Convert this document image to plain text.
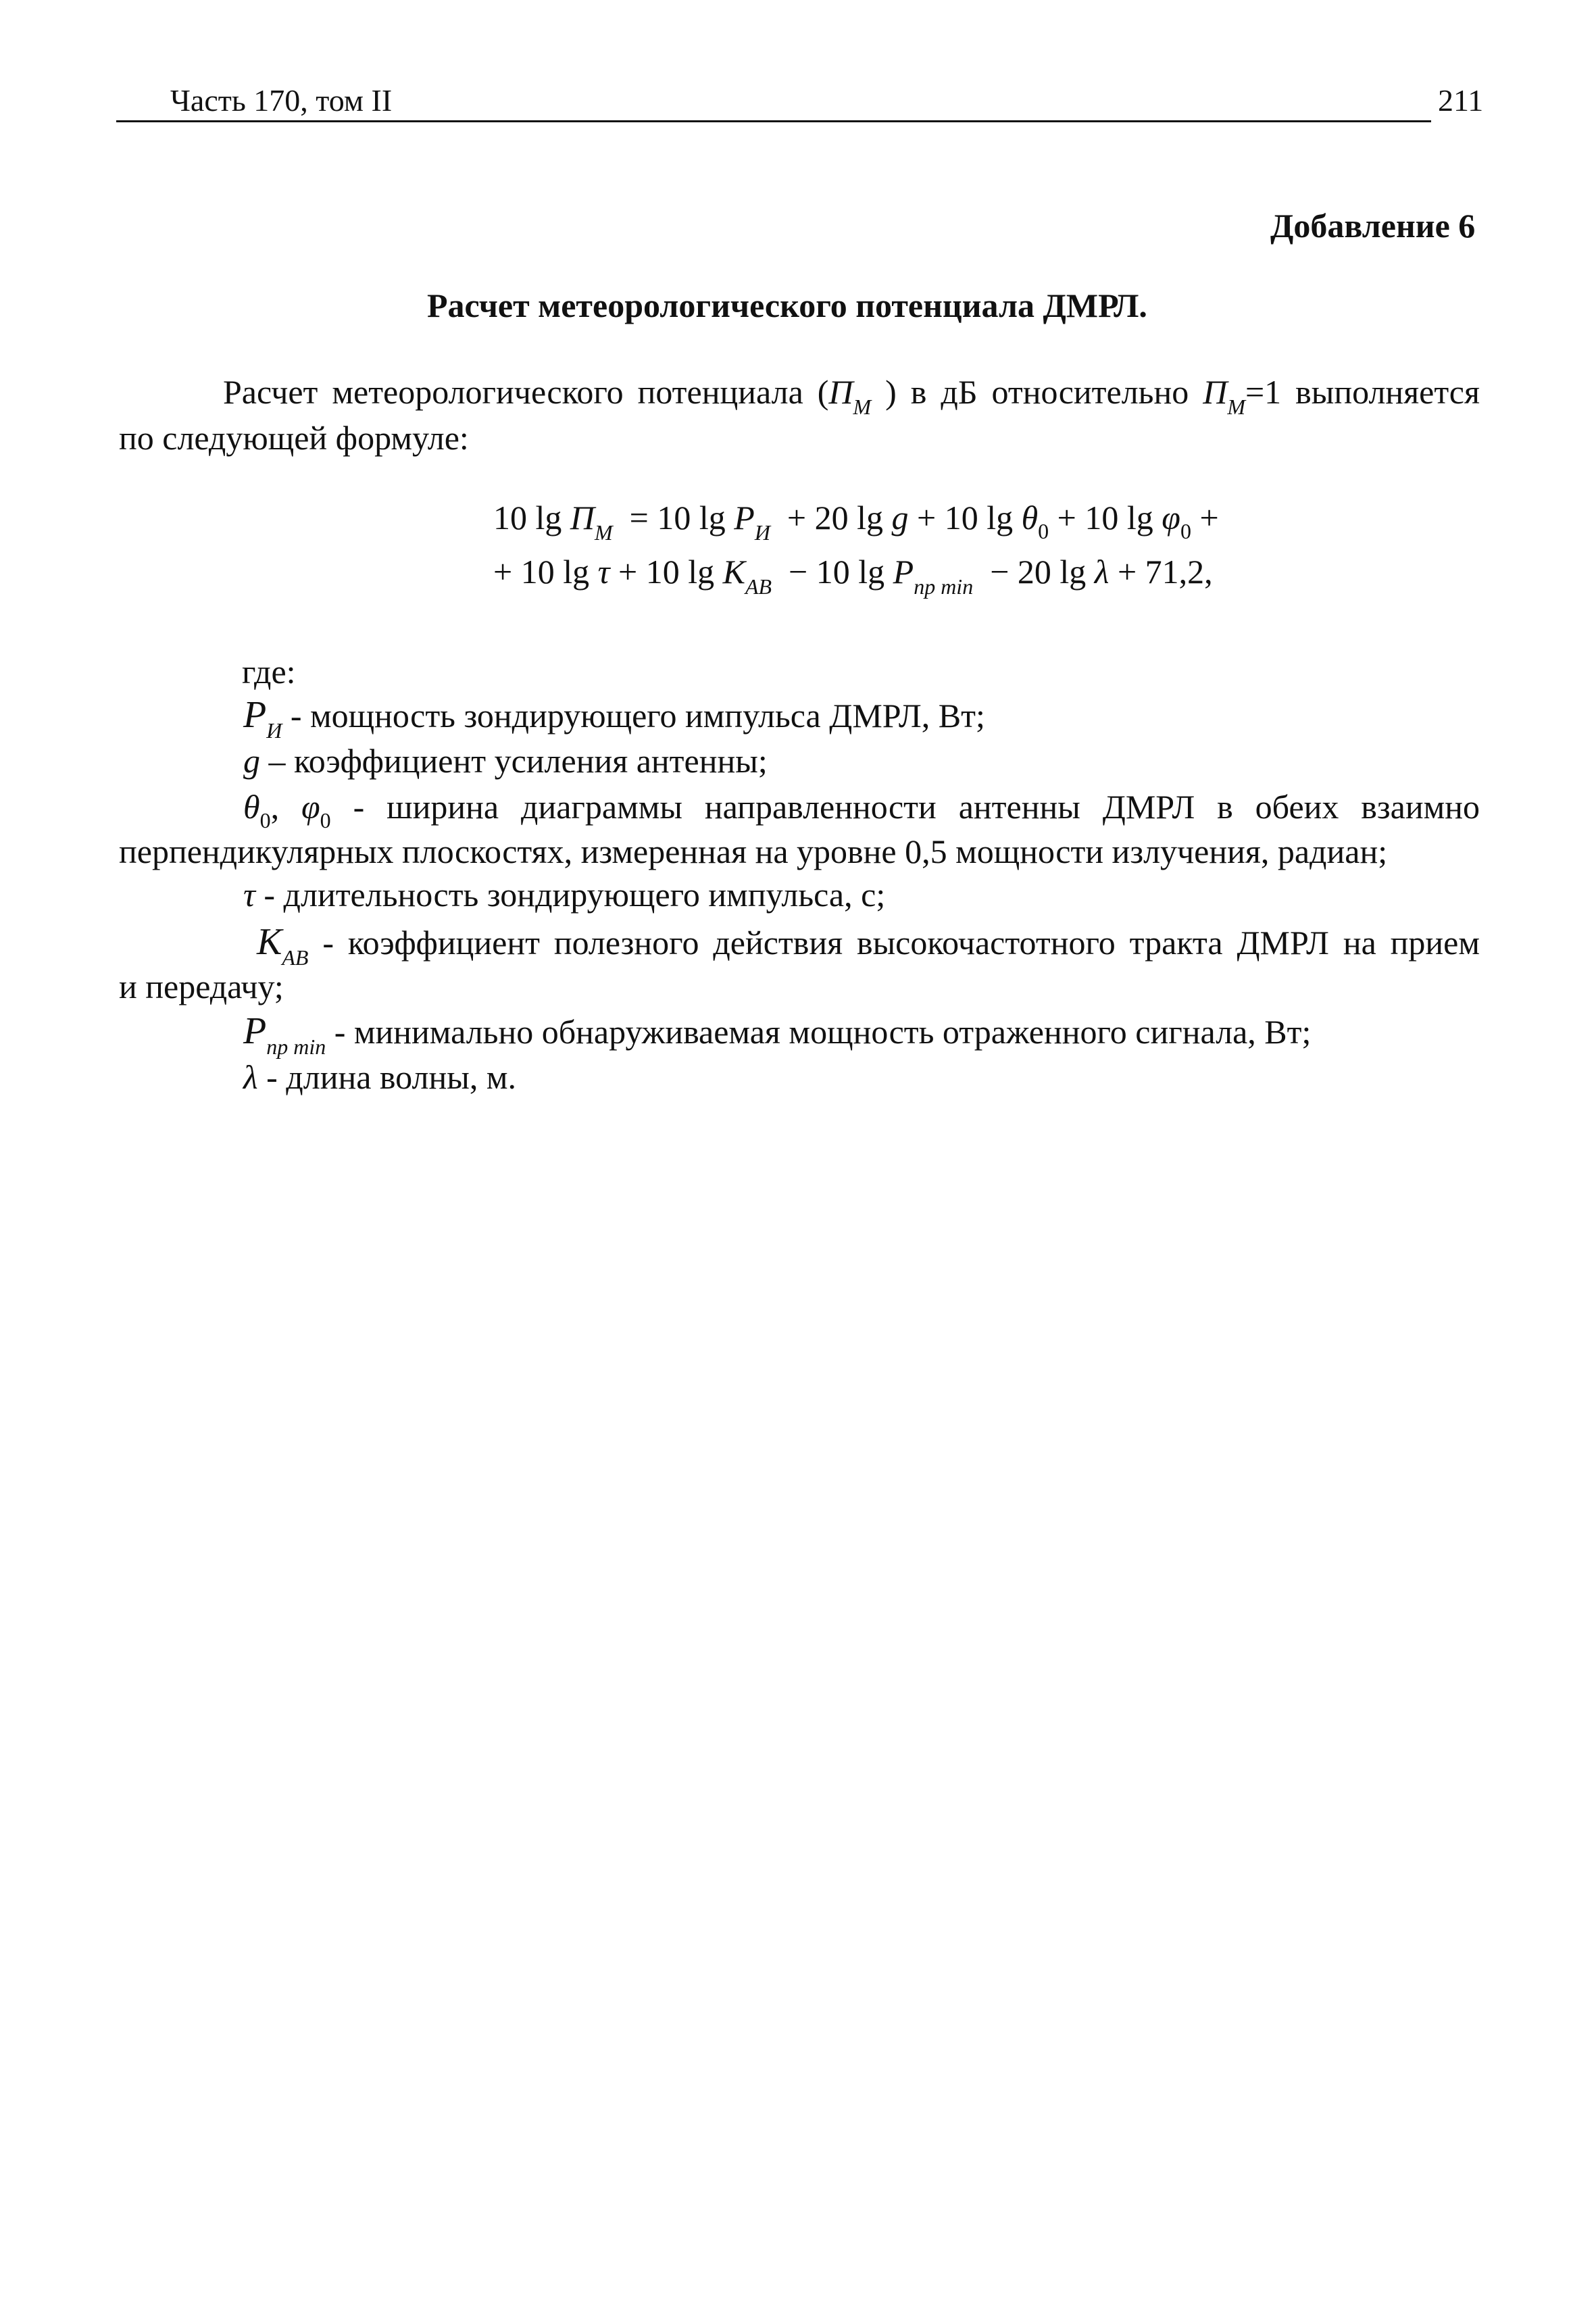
Часть 170, том II	211
Добавление 6
Расчет метеорологического потенциала ДМРЛ.
Расчет метеорологического потенциала ($П_М$ ) в дБ относительно $П_М=1$ выполняется
по следующей формуле:
10 $\lg П_М = 10$ $\lg P_И + 20$ lg g + 10 $\lg \theta_0 + 10$ $\lg \varphi_0$ +
+ 10 lg τ + 10 $\lg K_{АВ} - 10$ $\lg P_{пр min} - 20$ lg λ + 71,2,
где:
$P_И$ - мощность зондирующего импульса ДМРЛ, Вт;
g – коэффициент усиления антенны;
$\theta_0$, $\varphi_0$ - ширина диаграммы направленности антенны ДМРЛ в обеих взаимно
перпендикулярных плоскостях, измеренная на уровне 0,5 мощности излучения, радиан;
τ - длительность зондирующего импульса, с;
$K_{АВ}$ - коэффициент полезного действия высокочастотного тракта ДМРЛ на прием
и передачу;
$P_{пр min}$ - минимально обнаруживаемая мощность отраженного сигнала, Вт;
λ - длина волны, м.
